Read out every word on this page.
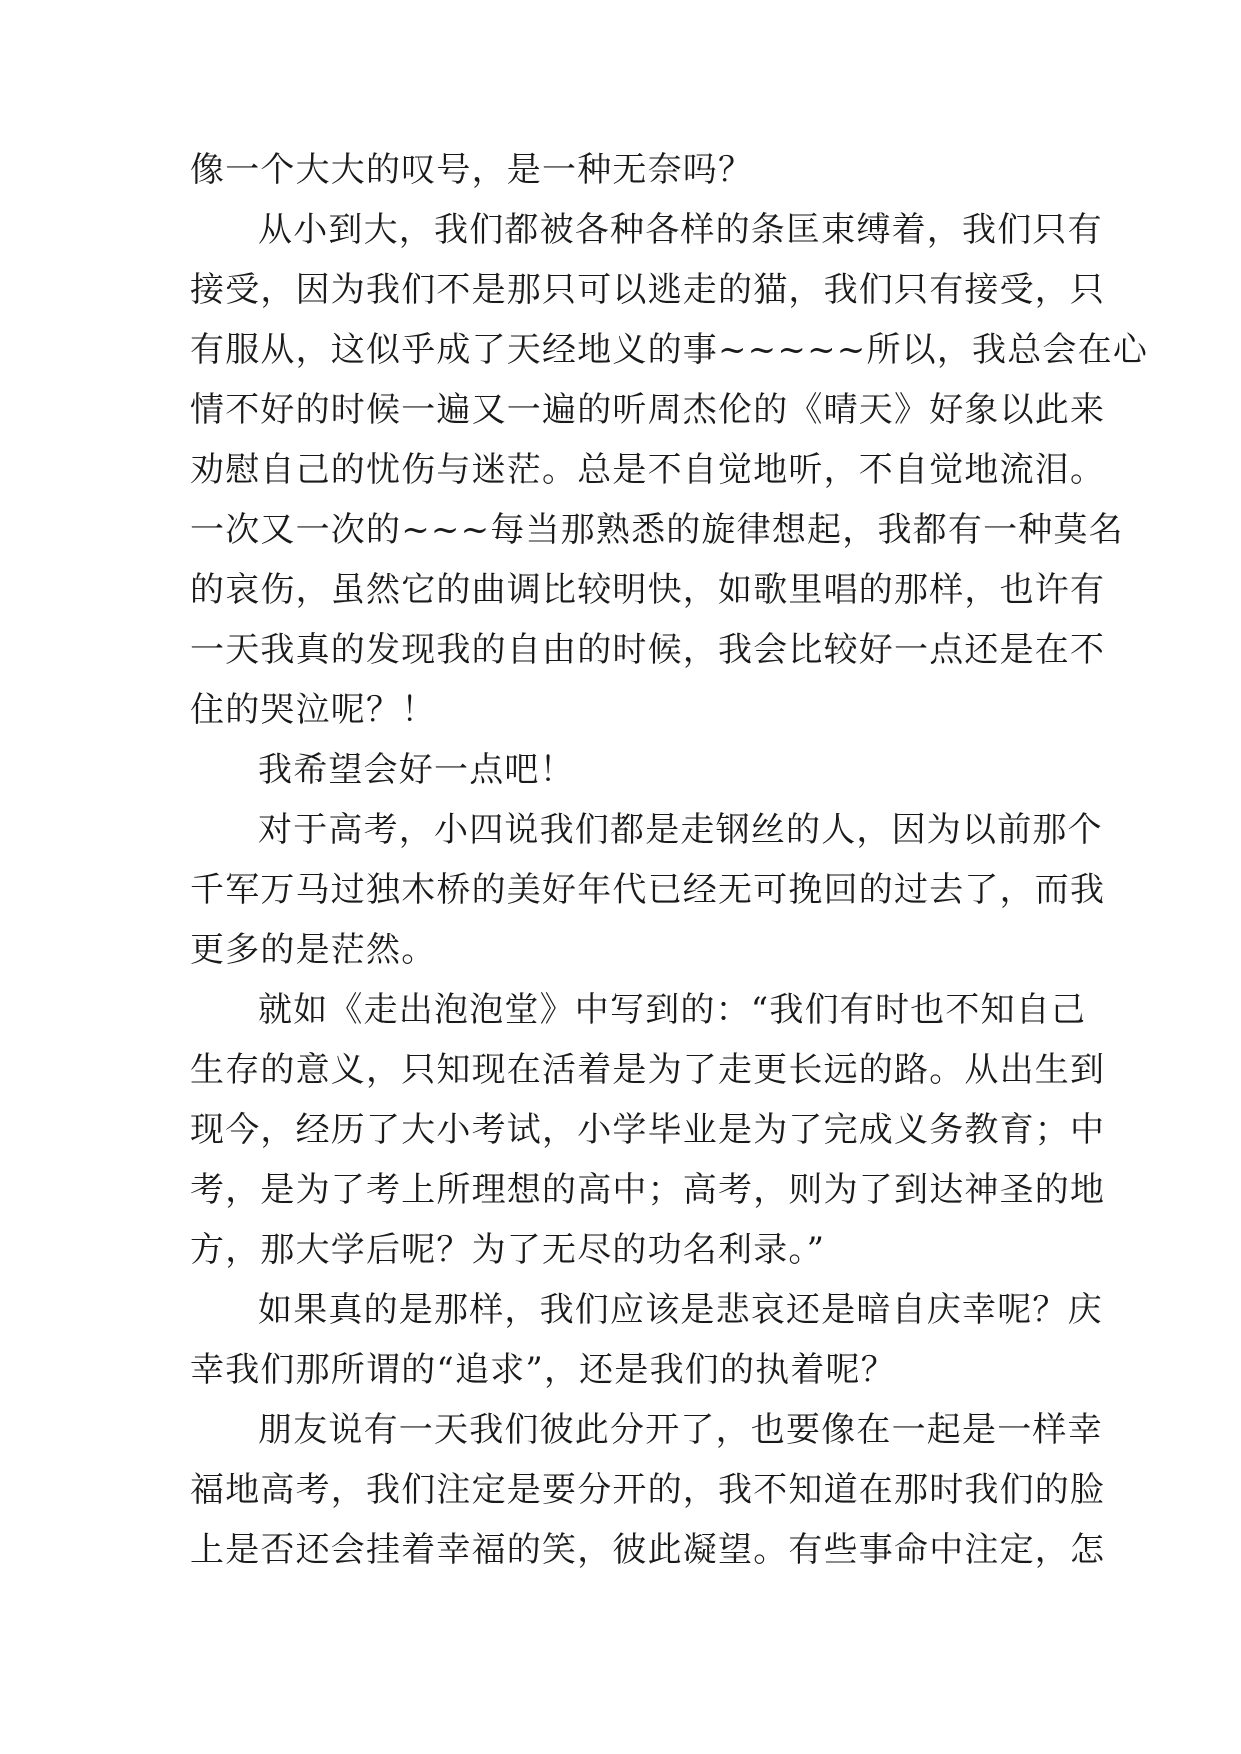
像一个大大的叹号，是一种无奈吗？
从小到大，我们都被各种各样的条匡束缚着，我们只有
接受，因为我们不是那只可以逃走的猫，我们只有接受，只
有服从，这似乎成了天经地义的事~~~~~所以，我总会在心
情不好的时候一遍又一遍的听周杰伦的《晴天》好象以此来
劝慰自己的忧伤与迷茫。总是不自觉地听，不自觉地流泪。
一次又一次的~~~每当那熟悉的旋律想起，我都有一种莫名
的哀伤，虽然它的曲调比较明快，如歌里唱的那样，也许有
一天我真的发现我的自由的时候，我会比较好一点还是在不
住的哭泣呢？！
我希望会好一点吧！
对于高考，小四说我们都是走钢丝的人，因为以前那个
千军万马过独木桥的美好年代已经无可挽回的过去了，而我
更多的是茫然。
就如《走出泡泡堂》中写到的：“我们有时也不知自己
生存的意义，只知现在活着是为了走更长远的路。从出生到
现今，经历了大小考试，小学毕业是为了完成义务教育；中
考，是为了考上所理想的高中；高考，则为了到达神圣的地
方，那大学后呢？为了无尽的功名利录。”
如果真的是那样，我们应该是悲哀还是暗自庆幸呢？庆
幸我们那所谓的“追求”，还是我们的执着呢？
朋友说有一天我们彼此分开了，也要像在一起是一样幸
福地高考，我们注定是要分开的，我不知道在那时我们的脸
上是否还会挂着幸福的笑，彼此凝望。有些事命中注定，怎
